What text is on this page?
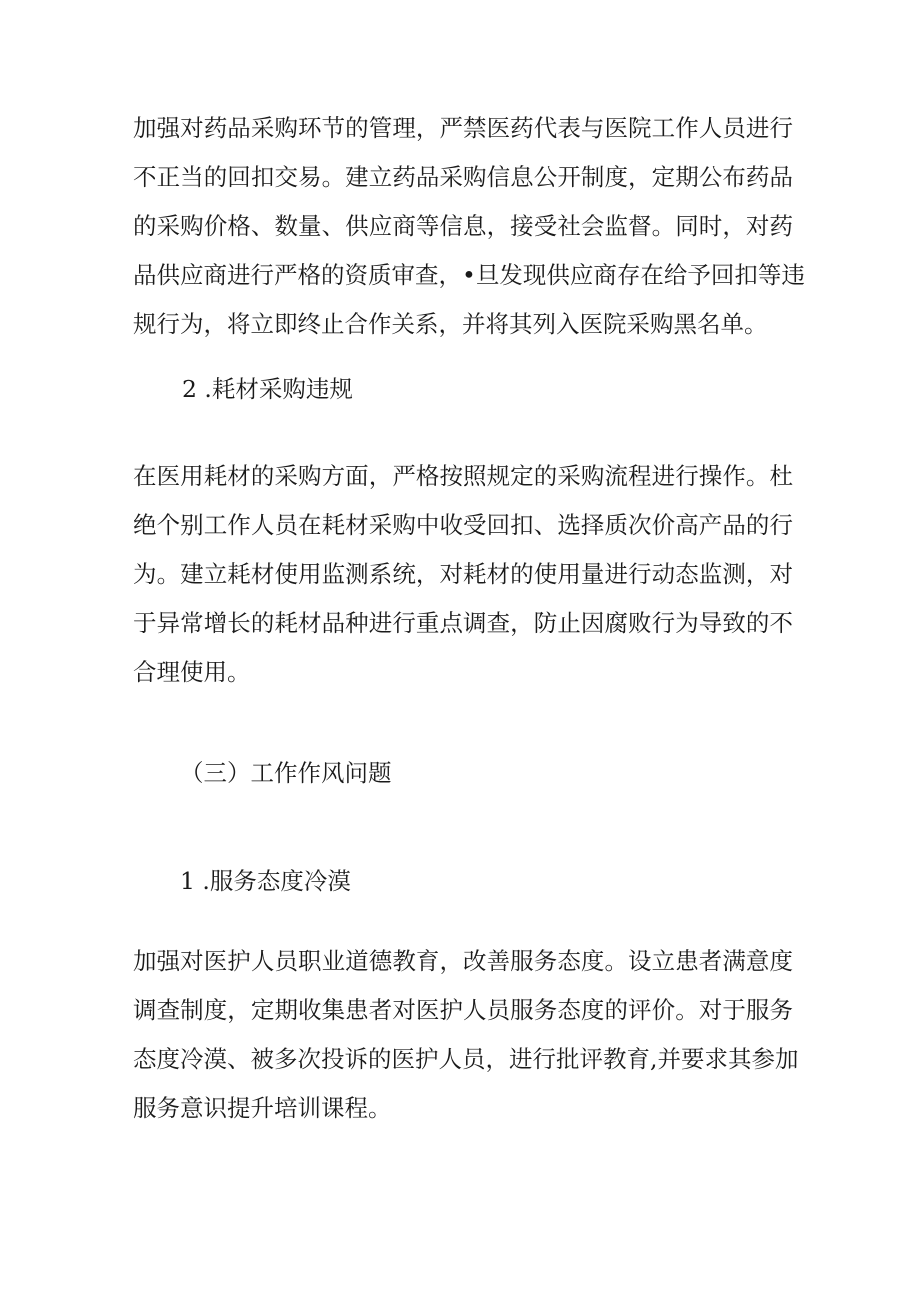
加强对药品采购环节的管理，严禁医药代表与医院工作人员进行
不正当的回扣交易。建立药品采购信息公开制度，定期公布药品
的采购价格、数量、供应商等信息，接受社会监督。同时，对药
品供应商进行严格的资质审查，•旦发现供应商存在给予回扣等违
规行为，将立即终止合作关系，并将其列入医院采购黑名单。

2 .耗材采购违规

在医用耗材的采购方面，严格按照规定的采购流程进行操作。杜
绝个别工作人员在耗材采购中收受回扣、选择质次价高产品的行
为。建立耗材使用监测系统，对耗材的使用量进行动态监测，对
于异常增长的耗材品种进行重点调查，防止因腐败行为导致的不
合理使用。

（三）工作作风问题

1 .服务态度冷漠

加强对医护人员职业道德教育，改善服务态度。设立患者满意度
调查制度，定期收集患者对医护人员服务态度的评价。对于服务
态度冷漠、被多次投诉的医护人员，进行批评教育,并要求其参加
服务意识提升培训课程。
